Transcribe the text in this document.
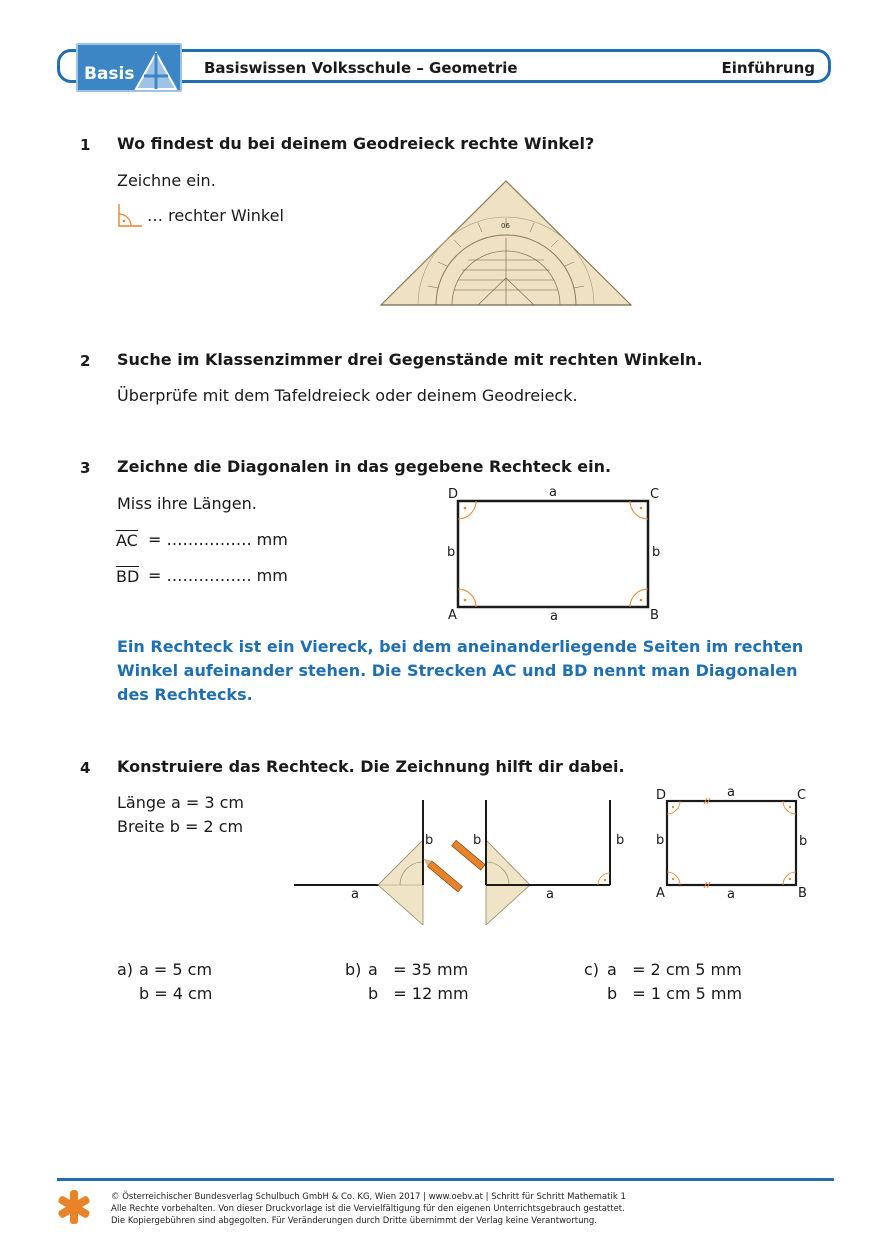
Basis	Basiswissen Volksschule – Geometrie	Einführung
1 Wo findest du bei deinem Geodreieck rechte Winkel?
Zeichne ein.
… rechter Winkel
06
2 Suche im Klassenzimmer drei Gegenstände mit rechten Winkeln.
Überprüfe mit dem Tafeldreieck oder deinem Geodreieck.
3 Zeichne die Diagonalen in das gegebene Rechteck ein.
Miss ihre Längen.
AC = ……………. mm
BD = ……………. mm
D	a	C
b	b
A	a	B
Ein Rechteck ist ein Viereck, bei dem aneinanderliegende Seiten im rechten
Winkel aufeinander stehen. Die Strecken AC und BD nennt man Diagonalen
des Rechtecks.
4 Konstruiere das Rechteck. Die Zeichnung hilft dir dabei.
Länge a = 3 cm
Breite b = 2 cm
b	b	b
a	a
D	a	C
b	b
A	a	B
a) a = 5 cm
b = 4 cm
b) a   = 35 mm
b   = 12 mm
c) a   = 2 cm 5 mm
b   = 1 cm 5 mm
© Österreichischer Bundesverlag Schulbuch GmbH & Co. KG, Wien 2017 | www.oebv.at | Schritt für Schritt Mathematik 1
Alle Rechte vorbehalten. Von dieser Druckvorlage ist die Vervielfältigung für den eigenen Unterrichtsgebrauch gestattet.
Die Kopiergebühren sind abgegolten. Für Veränderungen durch Dritte übernimmt der Verlag keine Verantwortung.
